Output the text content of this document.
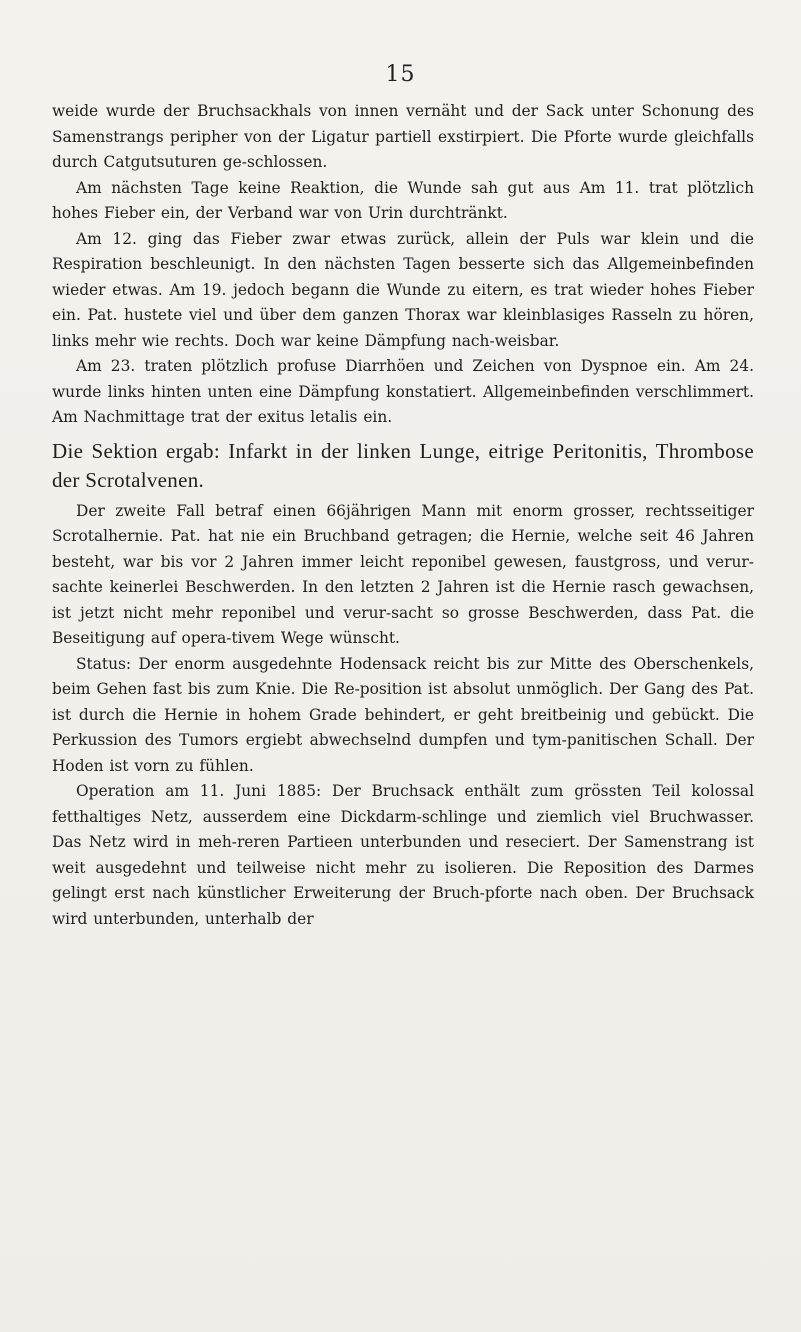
15

weide wurde der Bruchsackhals von innen vernäht und der Sack unter Schonung des Samenstrangs peripher von der Ligatur partiell exstirpiert. Die Pforte wurde gleichfalls durch Catgutsuturen ge-schlossen.

Am nächsten Tage keine Reaktion, die Wunde sah gut aus Am 11. trat plötzlich hohes Fieber ein, der Verband war von Urin durchtränkt.

Am 12. ging das Fieber zwar etwas zurück, allein der Puls war klein und die Respiration beschleunigt. In den nächsten Tagen besserte sich das Allgemeinbefinden wieder etwas. Am 19. jedoch begann die Wunde zu eitern, es trat wieder hohes Fieber ein. Pat. hustete viel und über dem ganzen Thorax war kleinblasiges Rasseln zu hören, links mehr wie rechts. Doch war keine Dämpfung nach-weisbar.

Am 23. traten plötzlich profuse Diarrhöen und Zeichen von Dyspnoe ein. Am 24. wurde links hinten unten eine Dämpfung konstatiert. Allgemeinbefinden verschlimmert. Am Nachmittage trat der exitus letalis ein.

Die Sektion ergab: Infarkt in der linken Lunge, eitrige Peritonitis, Thrombose der Scrotalvenen.

Der zweite Fall betraf einen 66jährigen Mann mit enorm grosser, rechtsseitiger Scrotalhernie. Pat. hat nie ein Bruchband getragen; die Hernie, welche seit 46 Jahren besteht, war bis vor 2 Jahren immer leicht reponibel gewesen, faustgross, und verur-sachte keinerlei Beschwerden. In den letzten 2 Jahren ist die Hernie rasch gewachsen, ist jetzt nicht mehr reponibel und verur-sacht so grosse Beschwerden, dass Pat. die Beseitigung auf opera-tivem Wege wünscht.

Status: Der enorm ausgedehnte Hodensack reicht bis zur Mitte des Oberschenkels, beim Gehen fast bis zum Knie. Die Re-position ist absolut unmöglich. Der Gang des Pat. ist durch die Hernie in hohem Grade behindert, er geht breitbeinig und gebückt. Die Perkussion des Tumors ergiebt abwechselnd dumpfen und tym-panitischen Schall. Der Hoden ist vorn zu fühlen.

Operation am 11. Juni 1885: Der Bruchsack enthält zum grössten Teil kolossal fetthaltiges Netz, ausserdem eine Dickdarm-schlinge und ziemlich viel Bruchwasser. Das Netz wird in meh-reren Partieen unterbunden und reseciert. Der Samenstrang ist weit ausgedehnt und teilweise nicht mehr zu isolieren. Die Reposition des Darmes gelingt erst nach künstlicher Erweiterung der Bruch-pforte nach oben. Der Bruchsack wird unterbunden, unterhalb der
